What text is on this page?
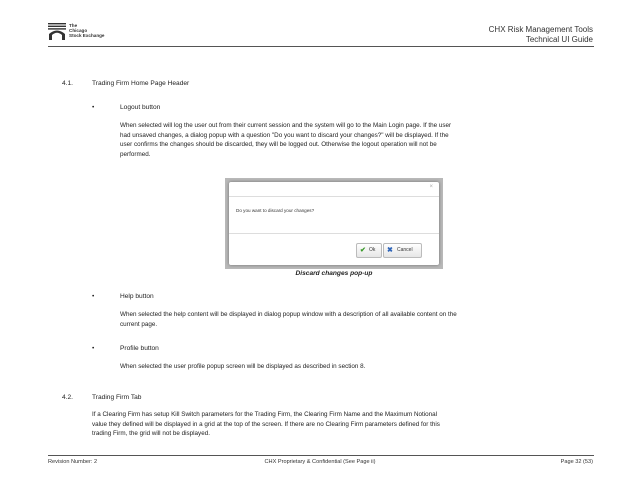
The
Chicago
Stock Exchange
CHX Risk Management Tools
Technical UI Guide
4.1.	Trading Firm Home Page Header
•	Logout button
When selected will log the user out from their current session and the system will go to the Main Login page. If the user
had unsaved changes, a dialog popup with a question "Do you want to discard your changes?" will be displayed. If the
user confirms the changes should be discarded, they will be logged out. Otherwise the logout operation will not be
performed.
×
Do you want to discard your changes?
✔ Ok ✖ Cancel
Discard changes pop-up
•	Help button
When selected the help content will be displayed in dialog popup window with a description of all available content on the
current page.
•	Profile button
When selected the user profile popup screen will be displayed as described in section 8.
4.2.	Trading Firm Tab
If a Clearing Firm has setup Kill Switch parameters for the Trading Firm, the Clearing Firm Name and the Maximum Notional
value they defined will be displayed in a grid at the top of the screen. If there are no Clearing Firm parameters defined for this
trading Firm, the grid will not be displayed.
Revision Number: 2	CHX Proprietary & Confidential (See Page ii)	Page 32 (53)
